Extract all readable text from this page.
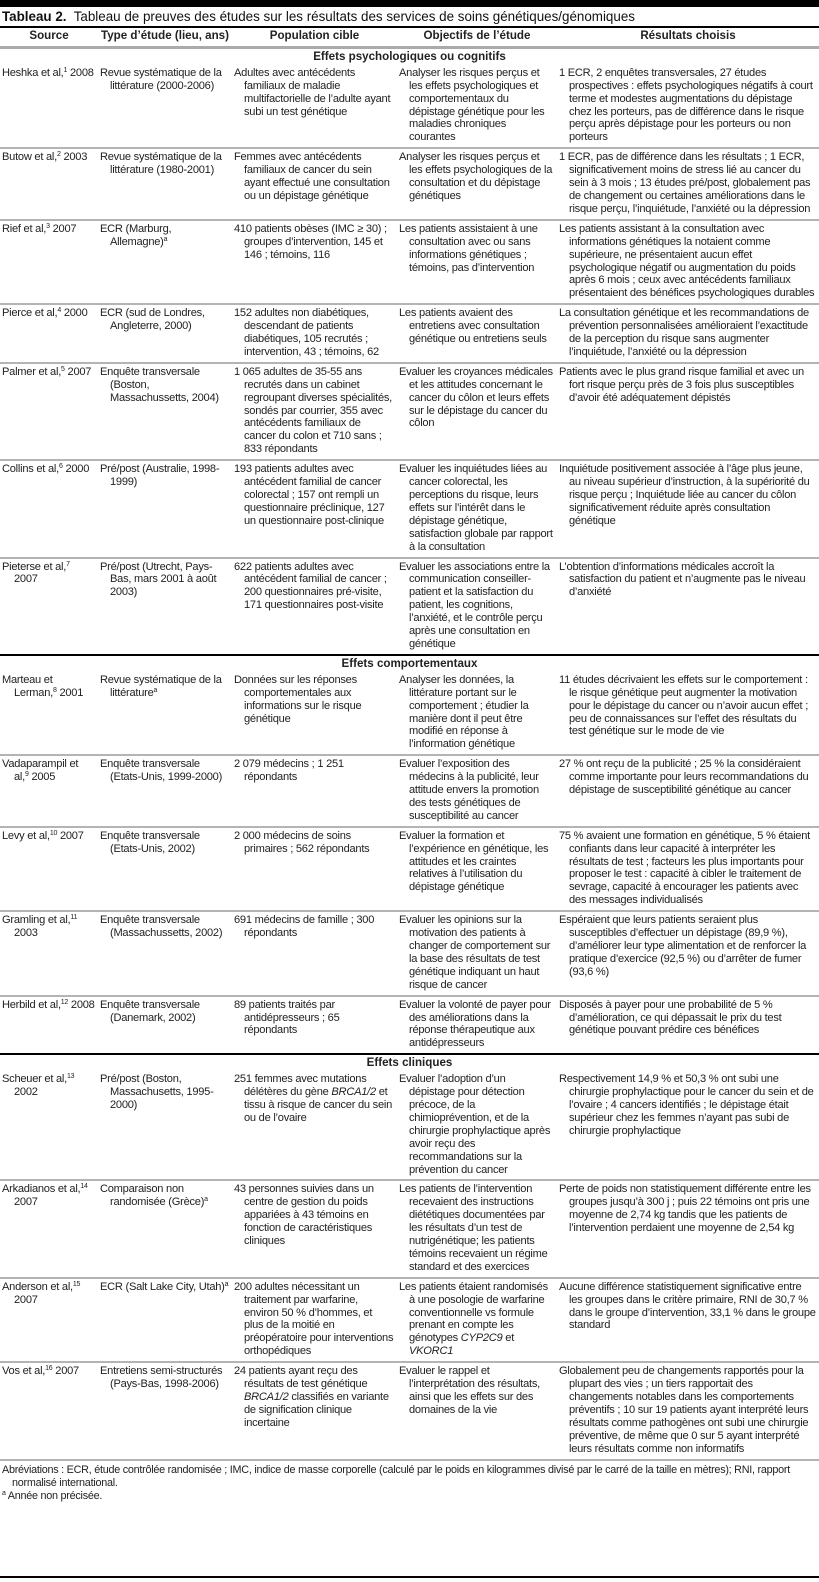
Tableau 2. Tableau de preuves des études sur les résultats des services de soins génétiques/génomiques
Source	Type d’étude (lieu, ans)	Population cible	Objectifs de l’étude	Résultats choisis
Effets psychologiques ou cognitifs				

Heshka et al,$^1$ 2008	Revue systématique de la littérature (2000-2006)	Adultes avec antécédents familiaux de maladie multifactorielle de l’adulte ayant subi un test génétique	Analyser les risques perçus et les effets psychologiques et comportementaux du dépistage génétique pour les maladies chroniques courantes	1 ECR, 2 enquêtes transversales, 27 études prospectives : effets psychologiques négatifs à court terme et modestes augmentations du dépistage chez les porteurs, pas de différence dans le risque perçu après dépistage pour les porteurs ou non porteurs

Butow et al,$^2$ 2003	Revue systématique de la littérature (1980-2001)	Femmes avec antécédents familiaux de cancer du sein ayant effectué une consultation ou un dépistage génétique	Analyser les risques perçus et les effets psychologiques de la consultation et du dépistage génétiques	1 ECR, pas de différence dans les résultats ; 1 ECR, significativement moins de stress lié au cancer du sein à 3 mois ; 13 études pré/post, globalement pas de changement ou certaines améliorations dans le risque perçu, l’inquiétude, l’anxiété ou la dépression

Rief et al,$^3$ 2007	ECR (Marburg, Allemagne)$^a$	410 patients obèses (IMC ≥ 30) ; groupes d’intervention, 145 et 146 ; témoins, 116	Les patients assistaient à une consultation avec ou sans informations génétiques ; témoins, pas d’intervention	Les patients assistant à la consultation avec informations génétiques la notaient comme supérieure, ne présentaient aucun effet psychologique négatif ou augmentation du poids après 6 mois ; ceux avec antécédents familiaux présentaient des bénéfices psychologiques durables

Pierce et al,$^4$ 2000	ECR (sud de Londres, Angleterre, 2000)	152 adultes non diabétiques, descendant de patients diabétiques, 105 recrutés ; intervention, 43 ; témoins, 62	Les patients avaient des entretiens avec consultation génétique ou entretiens seuls	La consultation génétique et les recommandations de prévention personnalisées amélioraient l’exactitude de la perception du risque sans augmenter l’inquiétude, l’anxiété ou la dépression

Palmer et al,$^5$ 2007	Enquête transversale (Boston, Massachussetts, 2004)	1 065 adultes de 35-55 ans recrutés dans un cabinet regroupant diverses spécialités, sondés par courrier, 355 avec antécédents familiaux de cancer du colon et 710 sans ; 833 répondants	Evaluer les croyances médicales et les attitudes concernant le cancer du côlon et leurs effets sur le dépistage du cancer du côlon	Patients avec le plus grand risque familial et avec un fort risque perçu près de 3 fois plus susceptibles d’avoir été adéquatement dépistés

Collins et al,$^6$ 2000	Pré/post (Australie, 1998-1999)	193 patients adultes avec antécédent familial de cancer colorectal ; 157 ont rempli un questionnaire préclinique, 127 un questionnaire post-clinique	Evaluer les inquiétudes liées au cancer colorectal, les perceptions du risque, leurs effets sur l’intérêt dans le dépistage génétique, satisfaction globale par rapport à la consultation	Inquiétude positivement associée à l’âge plus jeune, au niveau supérieur d’instruction, à la supériorité du risque perçu ; Inquiétude liée au cancer du côlon significativement réduite après consultation génétique

Pieterse et al,$^7$ 2007	Pré/post (Utrecht, Pays-Bas, mars 2001 à août 2003)	622 patients adultes avec antécédent familial de cancer ; 200 questionnaires pré-visite, 171 questionnaires post-visite	Evaluer les associations entre la communication conseiller-patient et la satisfaction du patient, les cognitions, l’anxiété, et le contrôle perçu après une consultation en génétique	L’obtention d’informations médicales accroît la satisfaction du patient et n’augmente pas le niveau d’anxiété

Effets comportementaux				

Marteau et Lerman,$^8$ 2001	Revue systématique de la littérature$^a$	Données sur les réponses comportementales aux informations sur le risque génétique	Analyser les données, la littérature portant sur le comportement ; étudier la manière dont il peut être modifié en réponse à l’information génétique	11 études décrivaient les effets sur le comportement : le risque génétique peut augmenter la motivation pour le dépistage du cancer ou n’avoir aucun effet ; peu de connaissances sur l’effet des résultats du test génétique sur le mode de vie

Vadaparampil et al,$^9$ 2005	Enquête transversale (Etats-Unis, 1999-2000)	2 079 médecins ; 1 251 répondants	Evaluer l’exposition des médecins à la publicité, leur attitude envers la promotion des tests génétiques de susceptibilité au cancer	27 % ont reçu de la publicité ; 25 % la considéraient comme importante pour leurs recommandations du dépistage de susceptibilité génétique au cancer

Levy et al,$^{10}$ 2007	Enquête transversale (Etats-Unis, 2002)	2 000 médecins de soins primaires ; 562 répondants	Evaluer la formation et l’expérience en génétique, les attitudes et les craintes relatives à l’utilisation du dépistage génétique	75 % avaient une formation en génétique, 5 % étaient confiants dans leur capacité à interpréter les résultats de test ; facteurs les plus importants pour proposer le test : capacité à cibler le traitement de sevrage, capacité à encourager les patients avec des messages individualisés

Gramling et al,$^{11}$ 2003	Enquête transversale (Massachussetts, 2002)	691 médecins de famille ; 300 répondants	Evaluer les opinions sur la motivation des patients à changer de comportement sur la base des résultats de test génétique indiquant un haut risque de cancer	Espéraient que leurs patients seraient plus susceptibles d’effectuer un dépistage (89,9 %), d’améliorer leur type alimentation et de renforcer la pratique d’exercice (92,5 %) ou d’arrêter de fumer (93,6 %)

Herbild et al,$^{12}$ 2008	Enquête transversale (Danemark, 2002)	89 patients traités par antidépresseurs ; 65 répondants	Evaluer la volonté de payer pour des améliorations dans la réponse thérapeutique aux antidépresseurs	Disposés à payer pour une probabilité de 5 % d’amélioration, ce qui dépassait le prix du test génétique pouvant prédire ces bénéfices

Effets cliniques				

Scheuer et al,$^{13}$ 2002	Pré/post (Boston, Massachusetts, 1995-2000)	251 femmes avec mutations délétères du gène BRCA1/2 et tissu à risque de cancer du sein ou de l’ovaire	Evaluer l’adoption d’un dépistage pour détection précoce, de la chimioprévention, et de la chirurgie prophylactique après avoir reçu des recommandations sur la prévention du cancer	Respectivement 14,9 % et 50,3 % ont subi une chirurgie prophylactique pour le cancer du sein et de l’ovaire ; 4 cancers identifiés ; le dépistage était supérieur chez les femmes n’ayant pas subi de chirurgie prophylactique

Arkadianos et al,$^{14}$ 2007	Comparaison non randomisée (Grèce)$^a$	43 personnes suivies dans un centre de gestion du poids appariées à 43 témoins en fonction de caractéristiques cliniques	Les patients de l’intervention recevaient des instructions diététiques documentées par les résultats d’un test de nutrigénétique; les patients témoins recevaient un régime standard et des exercices	Perte de poids non statistiquement différente entre les groupes jusqu’à 300 j ; puis 22 témoins ont pris une moyenne de 2,74 kg tandis que les patients de l’intervention perdaient une moyenne de 2,54 kg

Anderson et al,$^{15}$ 2007	ECR (Salt Lake City, Utah)$^a$	200 adultes nécessitant un traitement par warfarine, environ 50 % d’hommes, et plus de la moitié en préopératoire pour interventions orthopédiques	Les patients étaient randomisés à une posologie de warfarine conventionnelle vs formule prenant en compte les génotypes CYP2C9 et VKORC1	Aucune différence statistiquement significative entre les groupes dans le critère primaire, RNI de 30,7 % dans le groupe d’intervention, 33,1 % dans le groupe standard

Vos et al,$^{16}$ 2007	Entretiens semi-structurés (Pays-Bas, 1998-2006)	24 patients ayant reçu des résultats de test génétique BRCA1/2 classifiés en variante de signification clinique incertaine	Evaluer le rappel et l’interprétation des résultats, ainsi que les effets sur des domaines de la vie	Globalement peu de changements rapportés pour la plupart des vies ; un tiers rapportait des changements notables dans les comportements préventifs ; 10 sur 19 patients ayant interprété leurs résultats comme pathogènes ont subi une chirurgie préventive, de même que 0 sur 5 ayant interprété leurs résultats comme non informatifs
Abréviations : ECR, étude contrôlée randomisée ; IMC, indice de masse corporelle (calculé par le poids en kilogrammes divisé par le carré de la taille en mètres); RNI, rapport normalisé international.
$^a$ Année non précisée.
